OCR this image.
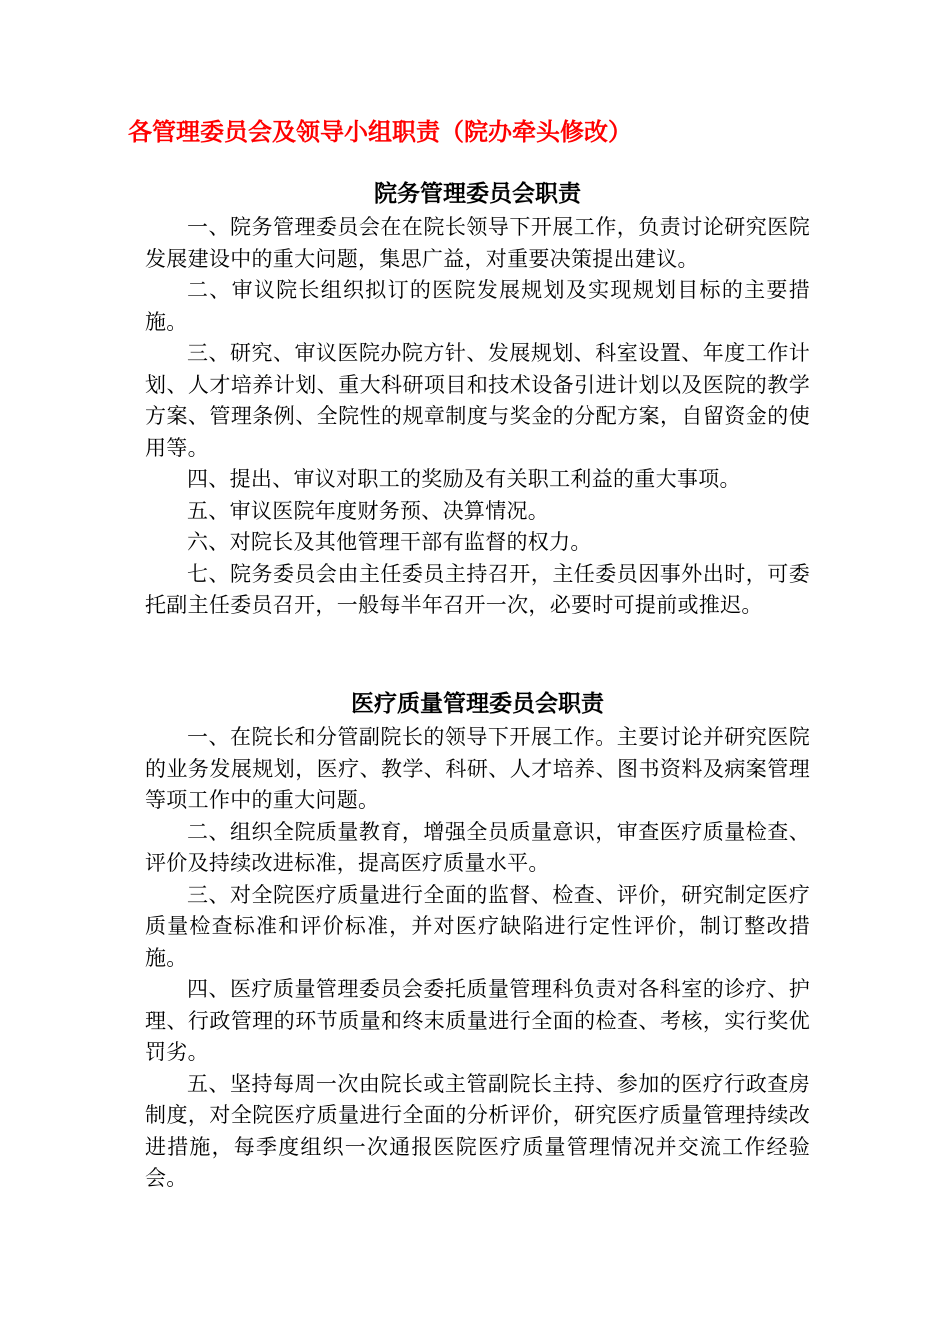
各管理委员会及领导小组职责（院办牵头修改）
院务管理委员会职责

一、院务管理委员会在在院长领导下开展工作，负责讨论研究医院发展建设中的重大问题，集思广益，对重要决策提出建议。

二、审议院长组织拟订的医院发展规划及实现规划目标的主要措施。

三、研究、审议医院办院方针、发展规划、科室设置、年度工作计划、人才培养计划、重大科研项目和技术设备引进计划以及医院的教学方案、管理条例、全院性的规章制度与奖金的分配方案，自留资金的使用等。

四、提出、审议对职工的奖励及有关职工利益的重大事项。

五、审议医院年度财务预、决算情况。

六、对院长及其他管理干部有监督的权力。

七、院务委员会由主任委员主持召开，主任委员因事外出时，可委托副主任委员召开，一般每半年召开一次，必要时可提前或推迟。

医疗质量管理委员会职责

一、在院长和分管副院长的领导下开展工作。主要讨论并研究医院的业务发展规划，医疗、教学、科研、人才培养、图书资料及病案管理等项工作中的重大问题。

二、组织全院质量教育，增强全员质量意识，审查医疗质量检查、评价及持续改进标准，提高医疗质量水平。

三、对全院医疗质量进行全面的监督、检查、评价，研究制定医疗质量检查标准和评价标准，并对医疗缺陷进行定性评价，制订整改措施。

四、医疗质量管理委员会委托质量管理科负责对各科室的诊疗、护理、行政管理的环节质量和终末质量进行全面的检查、考核，实行奖优罚劣。

五、坚持每周一次由院长或主管副院长主持、参加的医疗行政查房制度，对全院医疗质量进行全面的分析评价，研究医疗质量管理持续改进措施，每季度组织一次通报医院医疗质量管理情况并交流工作经验会。
